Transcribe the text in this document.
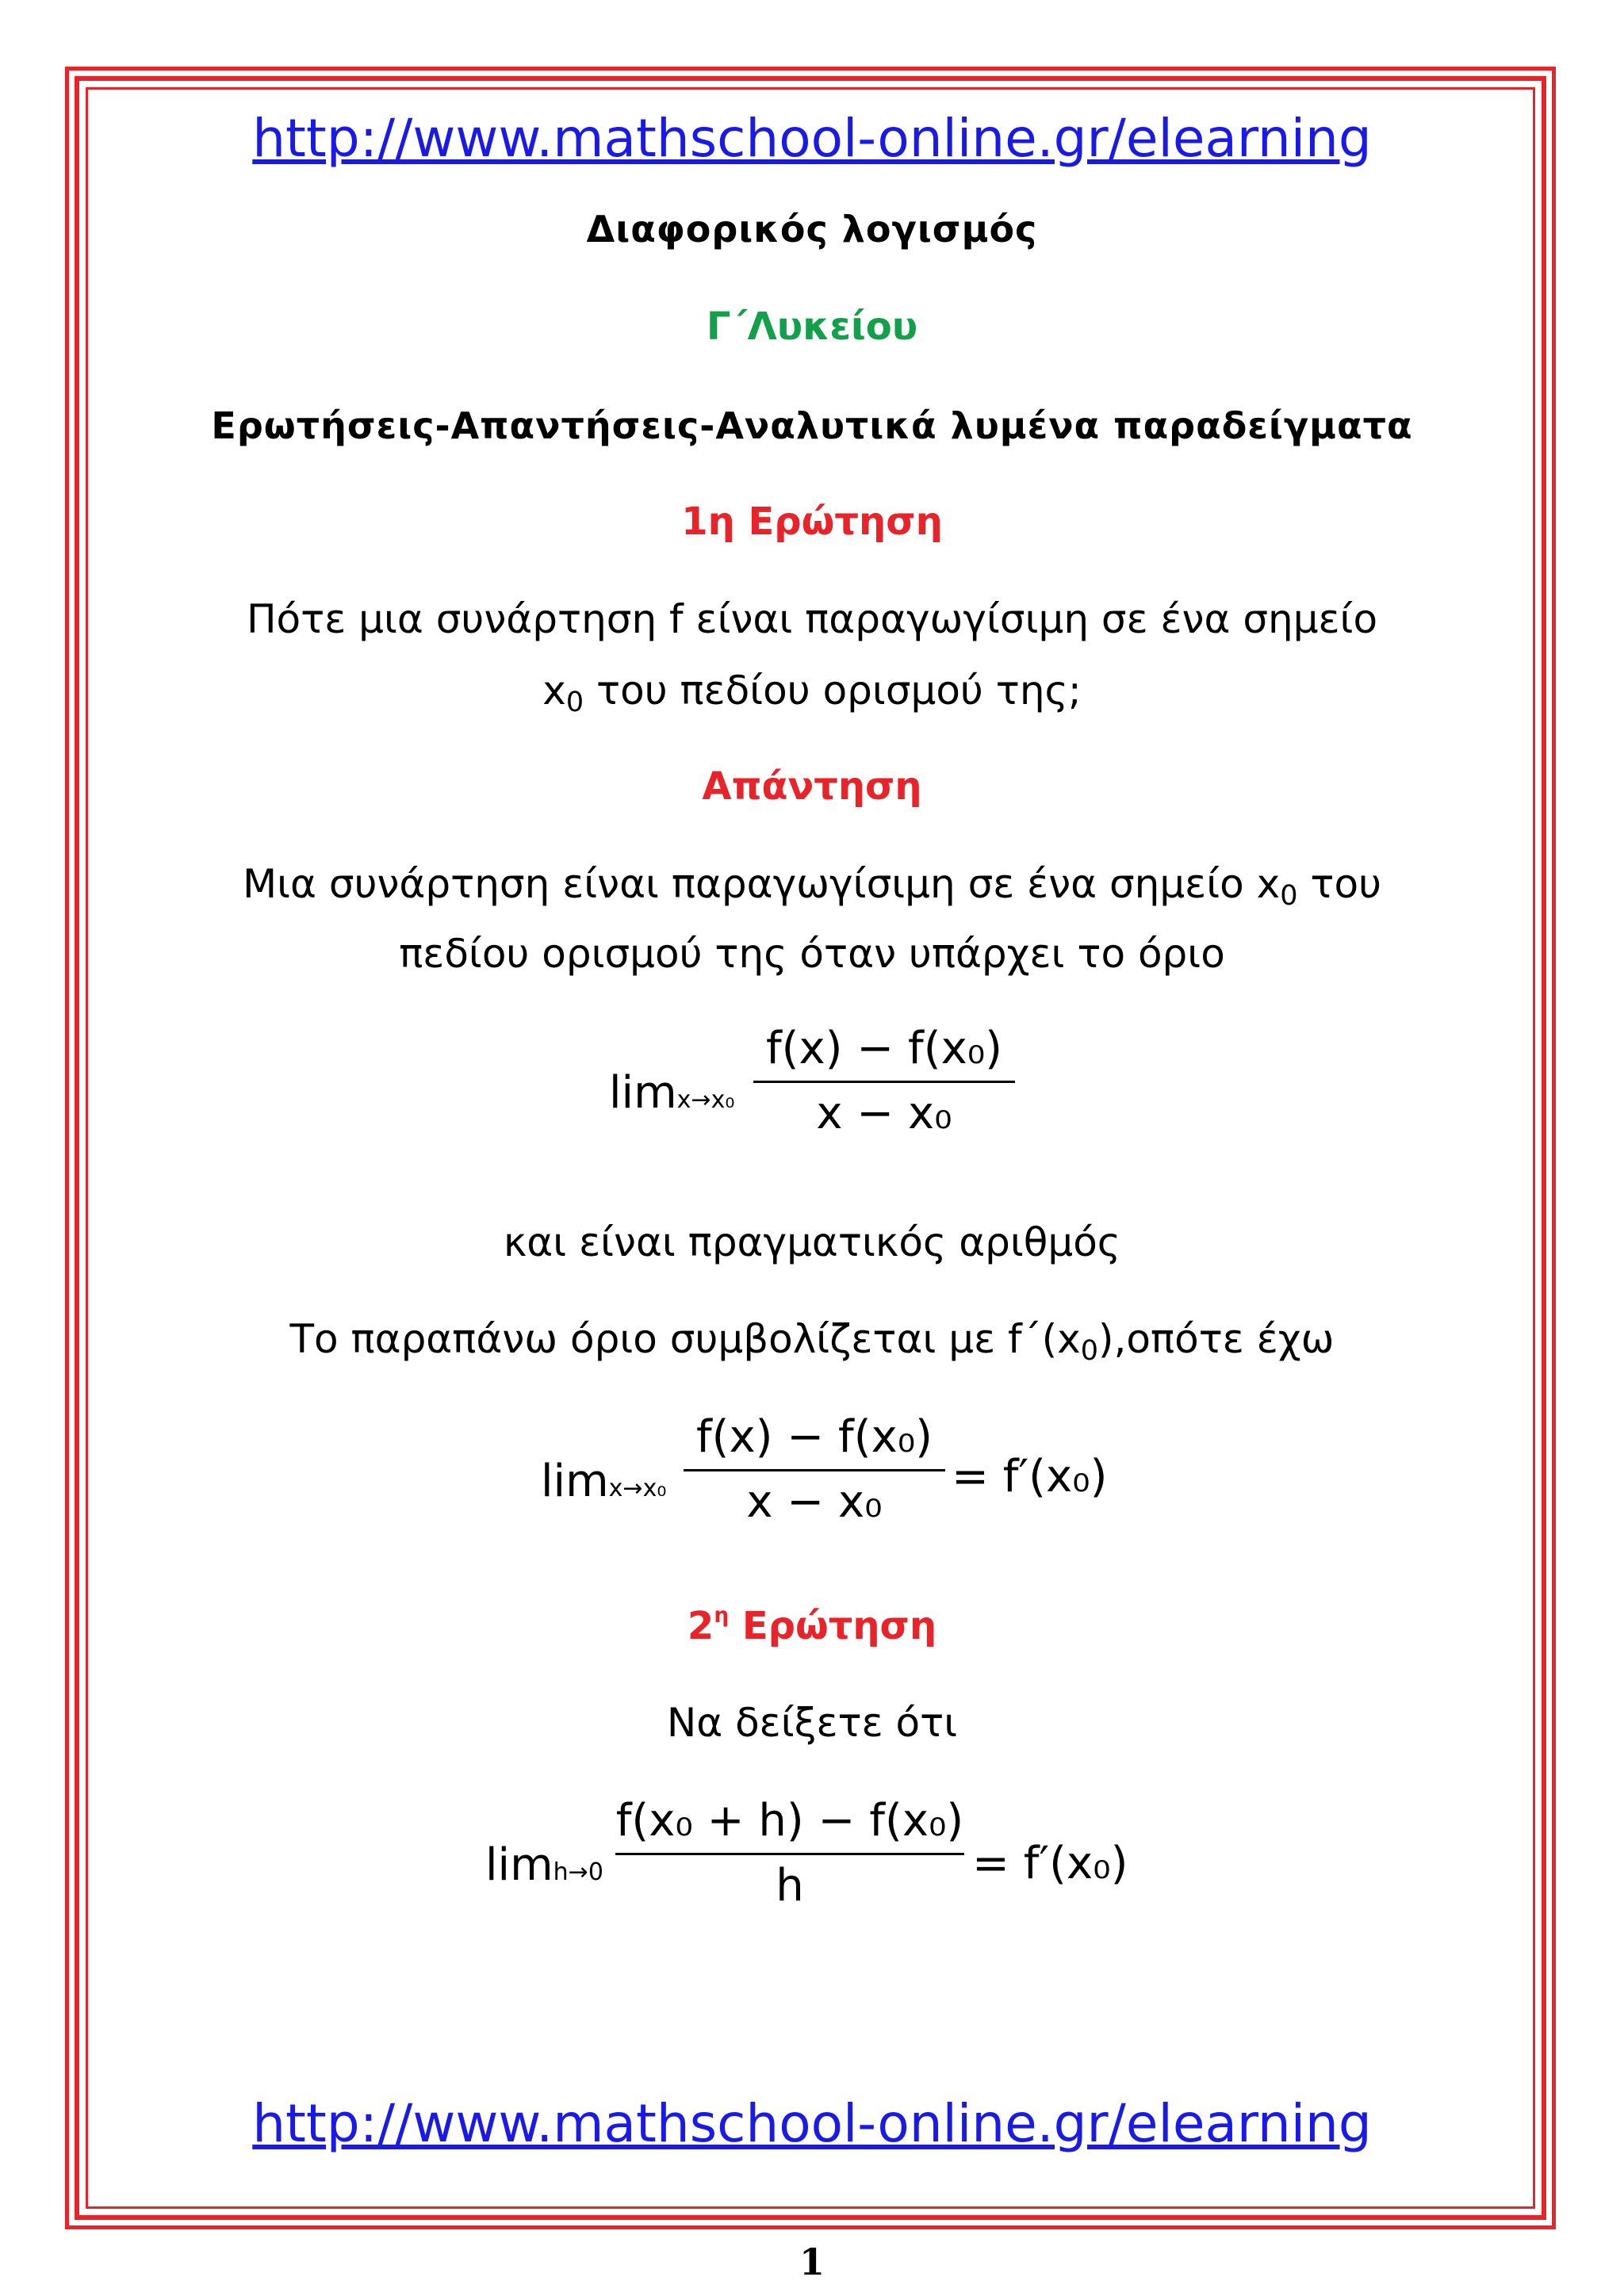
http://www.mathschool-online.gr/elearning
Διαφορικός λογισμός
Γ΄Λυκείου
Ερωτήσεις-Απαντήσεις-Αναλυτικά λυμένα παραδείγματα
1η Ερώτηση
Πότε μια συνάρτηση f είναι παραγωγίσιμη σε ένα σημείο
$x_0$ του πεδίου ορισμού της;
Απάντηση
Μια συνάρτηση είναι παραγωγίσιμη σε ένα σημείο $x_0$ του
πεδίου ορισμού της όταν υπάρχει το όριο
limx→x₀
f(x) − f(x₀)
x − x₀
και είναι πραγματικός αριθμός
Το παραπάνω όριο συμβολίζεται με $f΄(x_0),o\pi ό\tau\varepsilon$ έχω
limx→x₀
f(x) − f(x₀)
x − x₀	= f′(x₀)
$2^\eta$ Ερώτηση
Να δείξετε ότι
limh→0
f(x₀ + h) − f(x₀)
h	= f′(x₀)
http://www.mathschool-online.gr/elearning
1
